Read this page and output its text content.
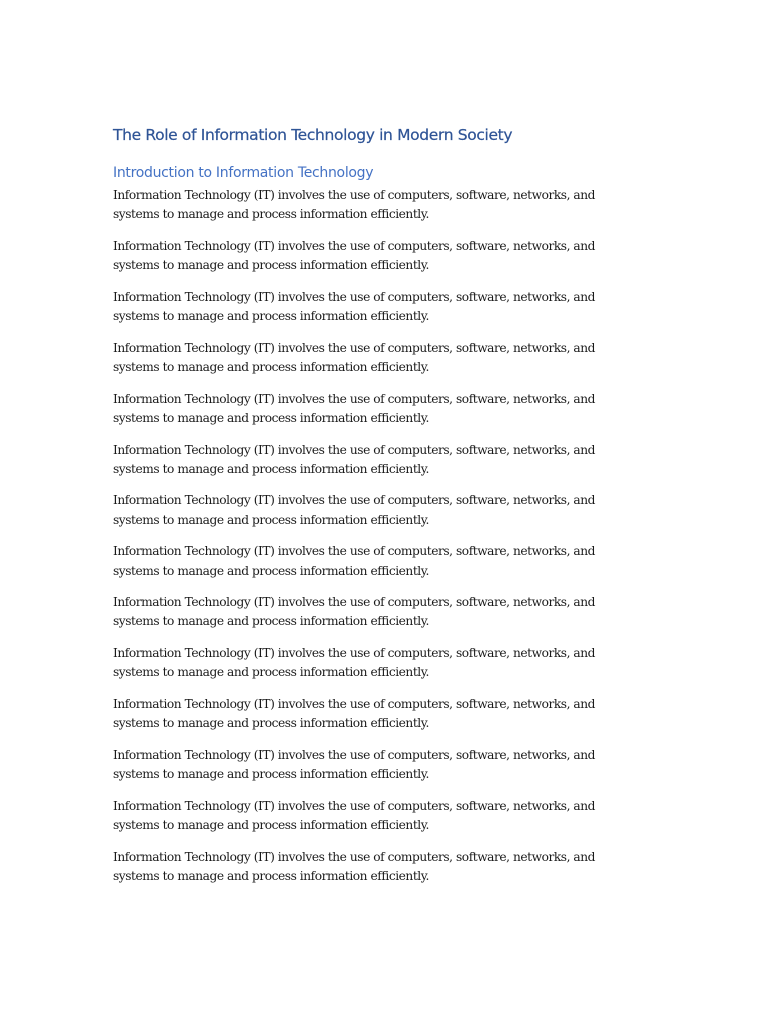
The Role of Information Technology in Modern Society
Introduction to Information Technology

Information Technology (IT) involves the use of computers, software, networks, and systems to manage and process information efficiently.

Information Technology (IT) involves the use of computers, software, networks, and systems to manage and process information efficiently.

Information Technology (IT) involves the use of computers, software, networks, and systems to manage and process information efficiently.

Information Technology (IT) involves the use of computers, software, networks, and systems to manage and process information efficiently.

Information Technology (IT) involves the use of computers, software, networks, and systems to manage and process information efficiently.

Information Technology (IT) involves the use of computers, software, networks, and systems to manage and process information efficiently.

Information Technology (IT) involves the use of computers, software, networks, and systems to manage and process information efficiently.

Information Technology (IT) involves the use of computers, software, networks, and systems to manage and process information efficiently.

Information Technology (IT) involves the use of computers, software, networks, and systems to manage and process information efficiently.

Information Technology (IT) involves the use of computers, software, networks, and systems to manage and process information efficiently.

Information Technology (IT) involves the use of computers, software, networks, and systems to manage and process information efficiently.

Information Technology (IT) involves the use of computers, software, networks, and systems to manage and process information efficiently.

Information Technology (IT) involves the use of computers, software, networks, and systems to manage and process information efficiently.

Information Technology (IT) involves the use of computers, software, networks, and systems to manage and process information efficiently.
